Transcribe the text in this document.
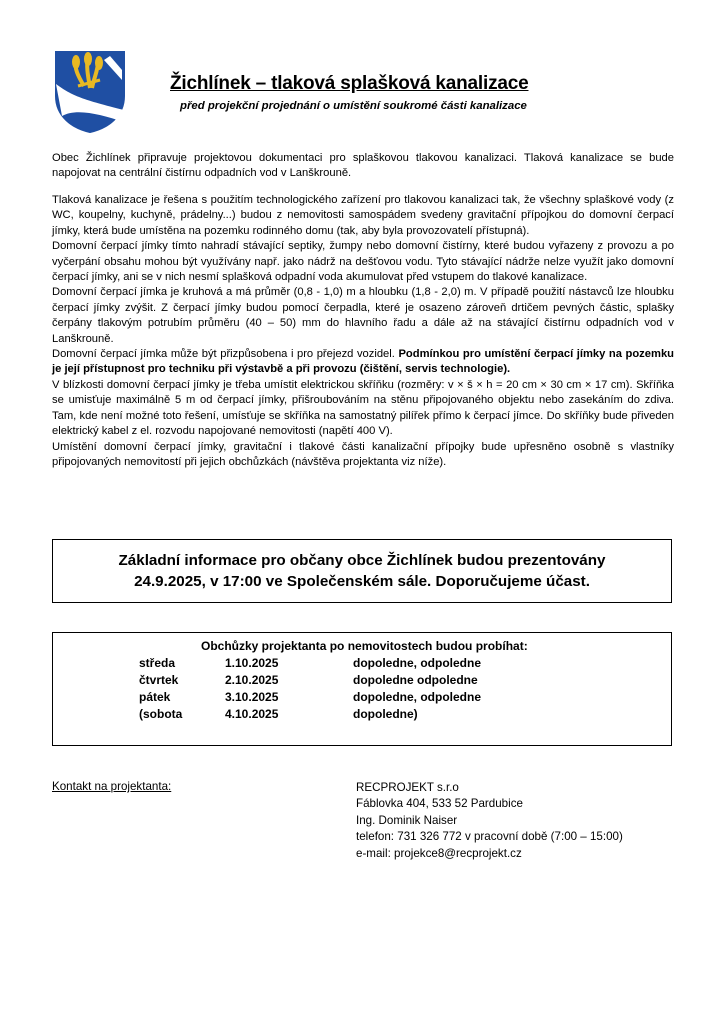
Žichlínek – tlaková splašková kanalizace
před projekční projednání o umístění soukromé části kanalizace

Obec Žichlínek připravuje projektovou dokumentaci pro splaškovou tlakovou kanalizaci. Tlaková kanalizace se bude napojovat na centrální čistírnu odpadních vod v Lanškrouně.

Tlaková kanalizace je řešena s použitím technologického zařízení pro tlakovou kanalizaci tak, že všechny splaškové vody (z WC, koupelny, kuchyně, prádelny...) budou z nemovitosti samospádem svedeny gravitační přípojkou do domovní čerpací jímky, která bude umístěna na pozemku rodinného domu (tak, aby byla provozovatelí přístupná).

Domovní čerpací jímky tímto nahradí stávající septiky, žumpy nebo domovní čistírny, které budou vyřazeny z provozu a po vyčerpání obsahu mohou být využívány např. jako nádrž na dešťovou vodu. Tyto stávající nádrže nelze využít jako domovní čerpací jímky, ani se v nich nesmí splašková odpadní voda akumulovat před vstupem do tlakové kanalizace.

Domovní čerpací jímka je kruhová a má průměr (0,8 - 1,0) m a hloubku (1,8 - 2,0) m. V případě použití nástavců lze hloubku čerpací jímky zvýšit. Z čerpací jímky budou pomocí čerpadla, které je osazeno zároveň drtičem pevných částic, splašky čerpány tlakovým potrubím průměru (40 – 50) mm do hlavního řadu a dále až na stávající čistírnu odpadních vod v Lanškrouně.

Domovní čerpací jímka může být přizpůsobena i pro přejezd vozidel. Podmínkou pro umístění čerpací jímky na pozemku je její přístupnost pro techniku při výstavbě a při provozu (čištění, servis technologie).

V blízkosti domovní čerpací jímky je třeba umístit elektrickou skříňku (rozměry: v × š × h = 20 cm × 30 cm × 17 cm). Skříňka se umisťuje maximálně 5 m od čerpací jímky, přišroubováním na stěnu připojovaného objektu nebo zasekáním do zdiva. Tam, kde není možné toto řešení, umísťuje se skříňka na samostatný pilířek přímo k čerpací jímce. Do skříňky bude přiveden elektrický kabel z el. rozvodu napojované nemovitosti (napětí 400 V).

Umístění domovní čerpací jímky, gravitační i tlakové části kanalizační přípojky bude upřesněno osobně s vlastníky připojovaných nemovitostí při jejich obchůzkách (návštěva projektanta viz níže).

Základní informace pro občany obce Žichlínek budou prezentovány
24.9.2025, v 17:00 ve Společenském sále. Doporučujeme účast.
Obchůzky projektanta po nemovitostech budou probíhat:
středa	1.10.2025	dopoledne, odpoledne
čtvrtek	2.10.2025	dopoledne odpoledne
pátek	3.10.2025	dopoledne, odpoledne
(sobota	4.10.2025	dopoledne)
Kontakt na projektanta:	RECPROJEKT s.r.o
Fáblovka 404, 533 52 Pardubice
Ing. Dominik Naiser
telefon: 731 326 772 v pracovní době (7:00 – 15:00)
e-mail: projekce8@recprojekt.cz
